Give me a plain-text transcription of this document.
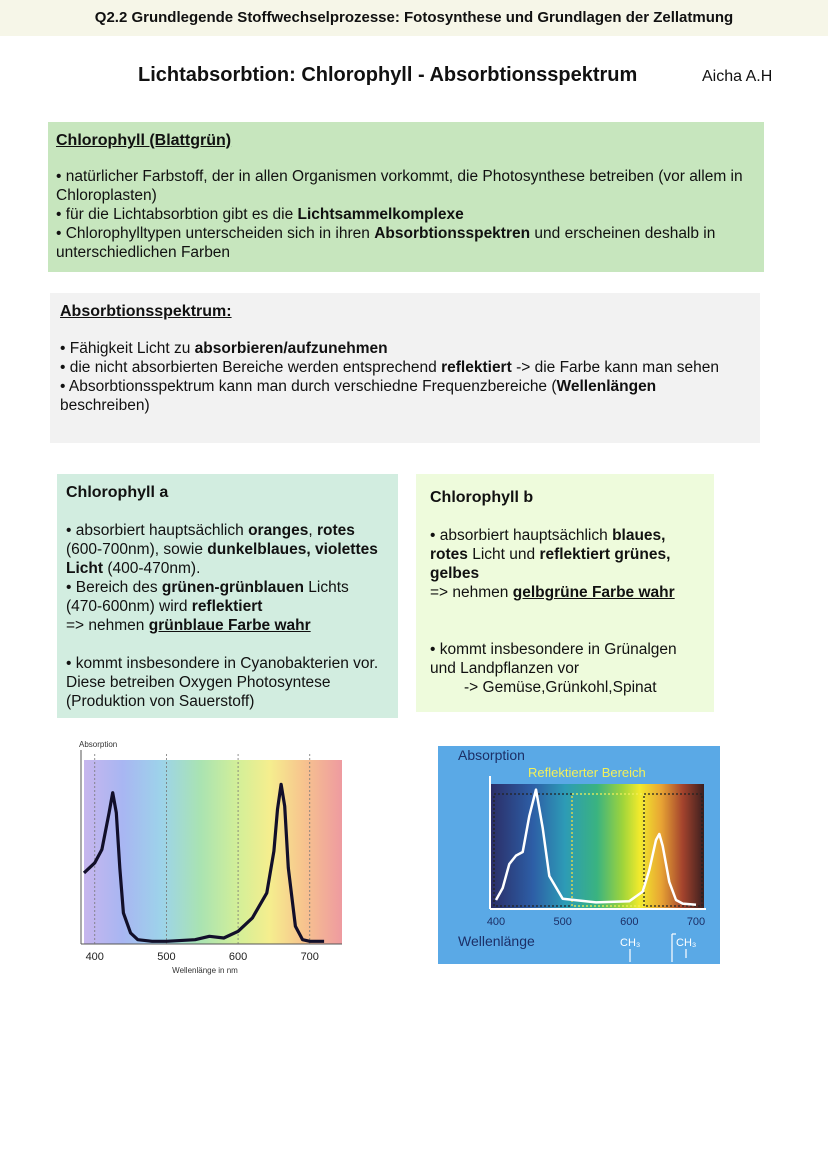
Q2.2 Grundlegende Stoffwechselprozesse: Fotosynthese und Grundlagen der Zellatmung
Lichtabsorbtion: Chlorophyll - Absorbtionsspektrum	Aicha A.H

Chlorophyll (Blattgrün)

• natürlicher Farbstoff, der in allen Organismen vorkommt, die Photosynthese betreiben (vor allem in Chloroplasten)

• für die Lichtabsorbtion gibt es die Lichtsammelkomplexe

• Chlorophylltypen unterscheiden sich in ihren Absorbtionsspektren und erscheinen deshalb in unterschiedlichen Farben

Absorbtionsspektrum:

• Fähigkeit Licht zu absorbieren/aufzunehmen

• die nicht absorbierten Bereiche werden entsprechend reflektiert -> die Farbe kann man sehen

• Absorbtionsspektrum kann man durch verschiedne Frequenzbereiche (Wellenlängen beschreiben)

Chlorophyll a

• absorbiert hauptsächlich oranges, rotes (600-700nm), sowie dunkelblaues, violettes Licht (400-470nm).

• Bereich des grünen-grünblauen Lichts (470-600nm) wird reflektiert

=> nehmen grünblaue Farbe wahr

• kommt insbesondere in Cyanobakterien vor. Diese betreiben Oxygen Photosyntese (Produktion von Sauerstoff)

Chlorophyll b

• absorbiert hauptsächlich blaues, rotes Licht und reflektiert grünes, gelbes

=> nehmen gelbgrüne Farbe wahr

• kommt insbesondere in Grünalgen und Landpflanzen vor

-> Gemüse,Grünkohl,Spinat

400	500	600	700
Absorption
Wellenlänge in nm
400	500	600	700
Absorption
Reflektierter Bereich
Wellenlänge	CH₃	CH₃
